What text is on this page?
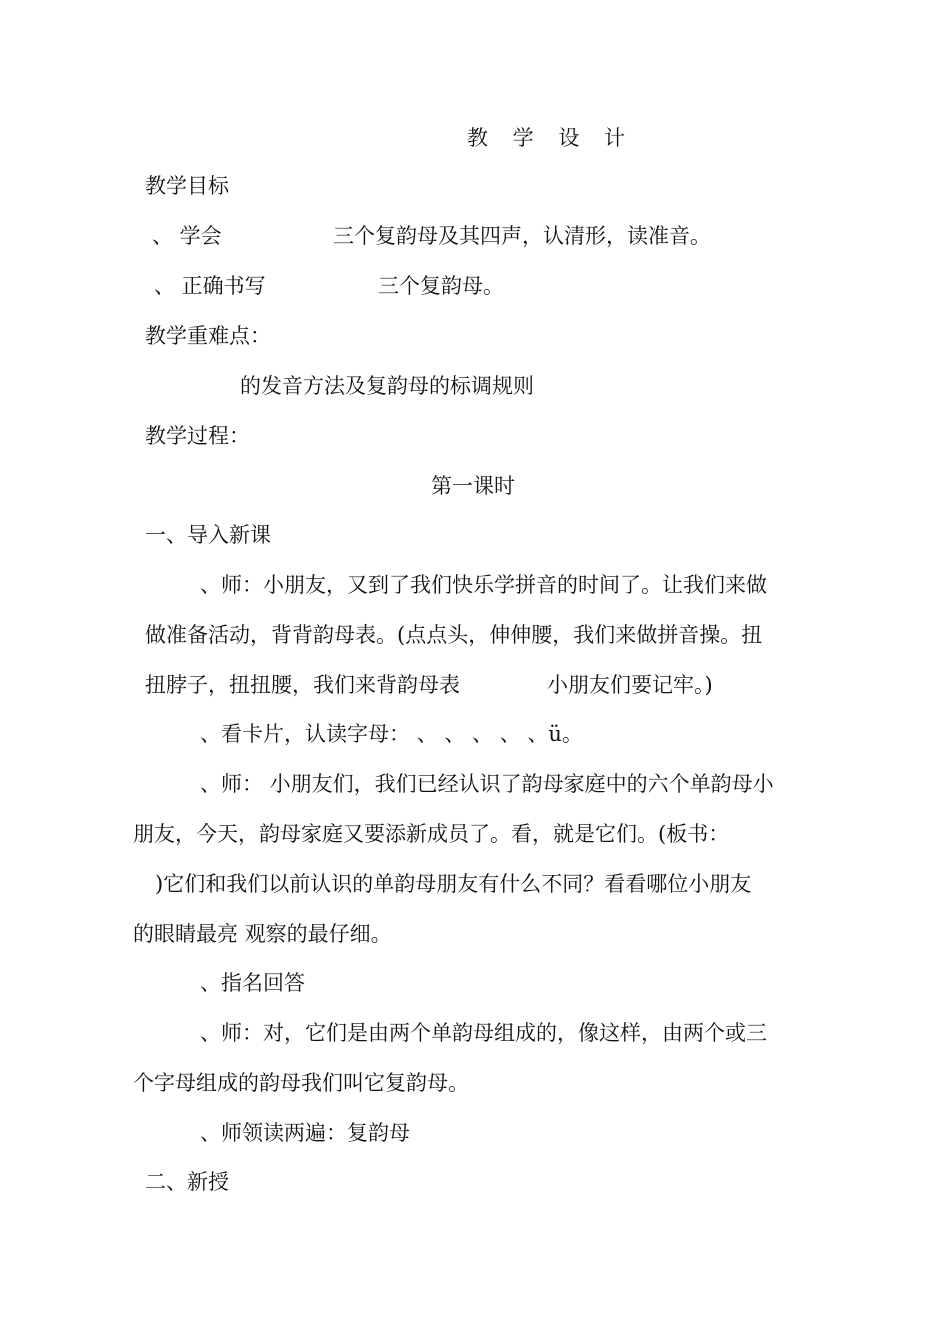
教 学 设 计
教学目标
、 学会	三个复韵母及其四声，认清形，读准音。
、 正确书写	三个复韵母。
教学重难点：
的发音方法及复韵母的标调规则
教学过程：
第一课时
一、导入新课
、师：小朋友，又到了我们快乐学拼音的时间了。让我们来做
做准备活动，背背韵母表。(点点头，伸伸腰，我们来做拼音操。扭
扭脖子，扭扭腰，我们来背韵母表	小朋友们要记牢。)
、看卡片，认读字母： 、 、 、 、 、ü。
、师： 小朋友们，我们已经认识了韵母家庭中的六个单韵母小
朋友，今天，韵母家庭又要添新成员了。看，就是它们。(板书：
)它们和我们以前认识的单韵母朋友有什么不同？看看哪位小朋友
的眼睛最亮 观察的最仔细。
、指名回答
、师：对，它们是由两个单韵母组成的，像这样，由两个或三
个字母组成的韵母我们叫它复韵母。
、师领读两遍：复韵母
二、新授
